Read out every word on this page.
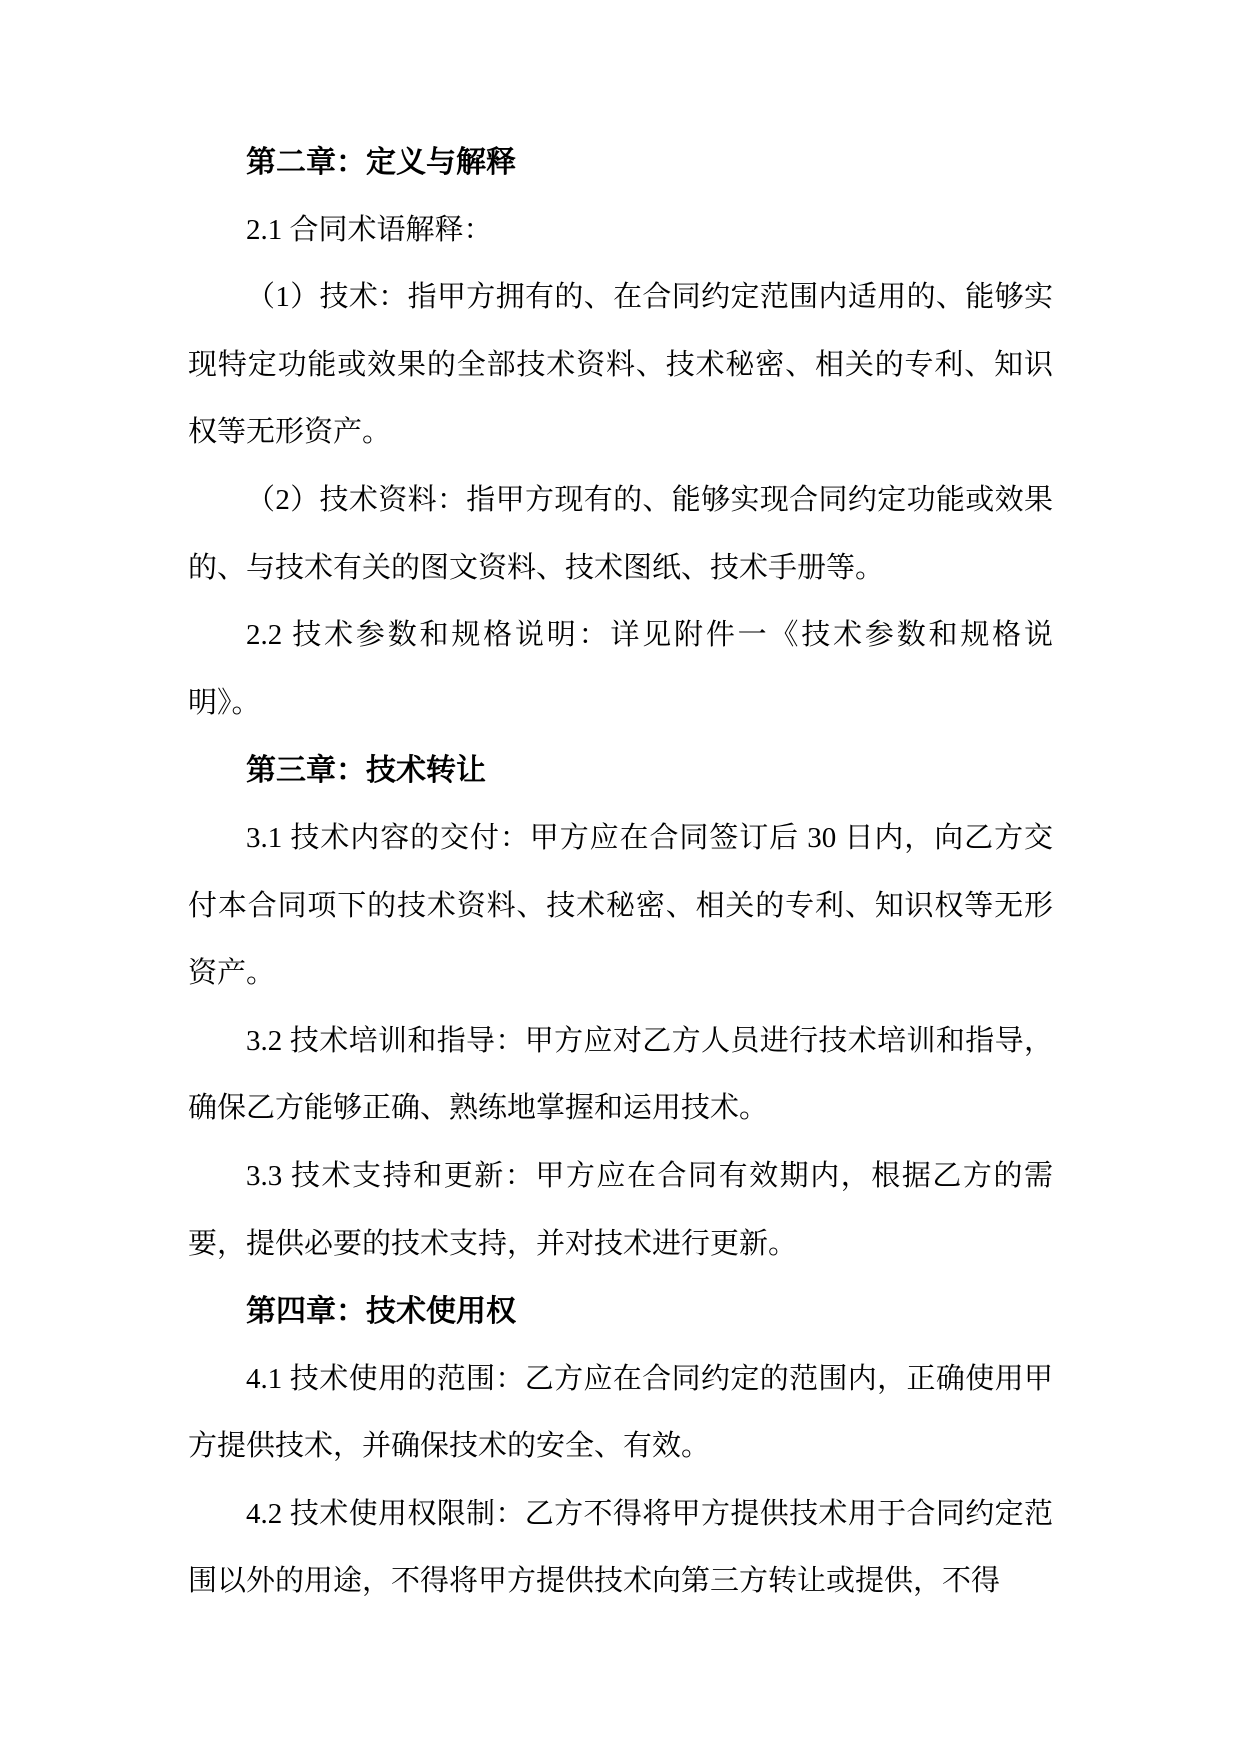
第二章：定义与解释

2.1 合同术语解释：

（1）技术：指甲方拥有的、在合同约定范围内适用的、能够实现特定功能或效果的全部技术资料、技术秘密、相关的专利、知识权等无形资产。

（2）技术资料：指甲方现有的、能够实现合同约定功能或效果的、与技术有关的图文资料、技术图纸、技术手册等。

2.2 技术参数和规格说明：详见附件一《技术参数和规格说明》。

第三章：技术转让

3.1 技术内容的交付：甲方应在合同签订后 30 日内，向乙方交付本合同项下的技术资料、技术秘密、相关的专利、知识权等无形资产。

3.2 技术培训和指导：甲方应对乙方人员进行技术培训和指导，确保乙方能够正确、熟练地掌握和运用技术。

3.3 技术支持和更新：甲方应在合同有效期内，根据乙方的需要，提供必要的技术支持，并对技术进行更新。

第四章：技术使用权

4.1 技术使用的范围：乙方应在合同约定的范围内，正确使用甲方提供技术，并确保技术的安全、有效。

4.2 技术使用权限制：乙方不得将甲方提供技术用于合同约定范围以外的用途，不得将甲方提供技术向第三方转让或提供，不得
